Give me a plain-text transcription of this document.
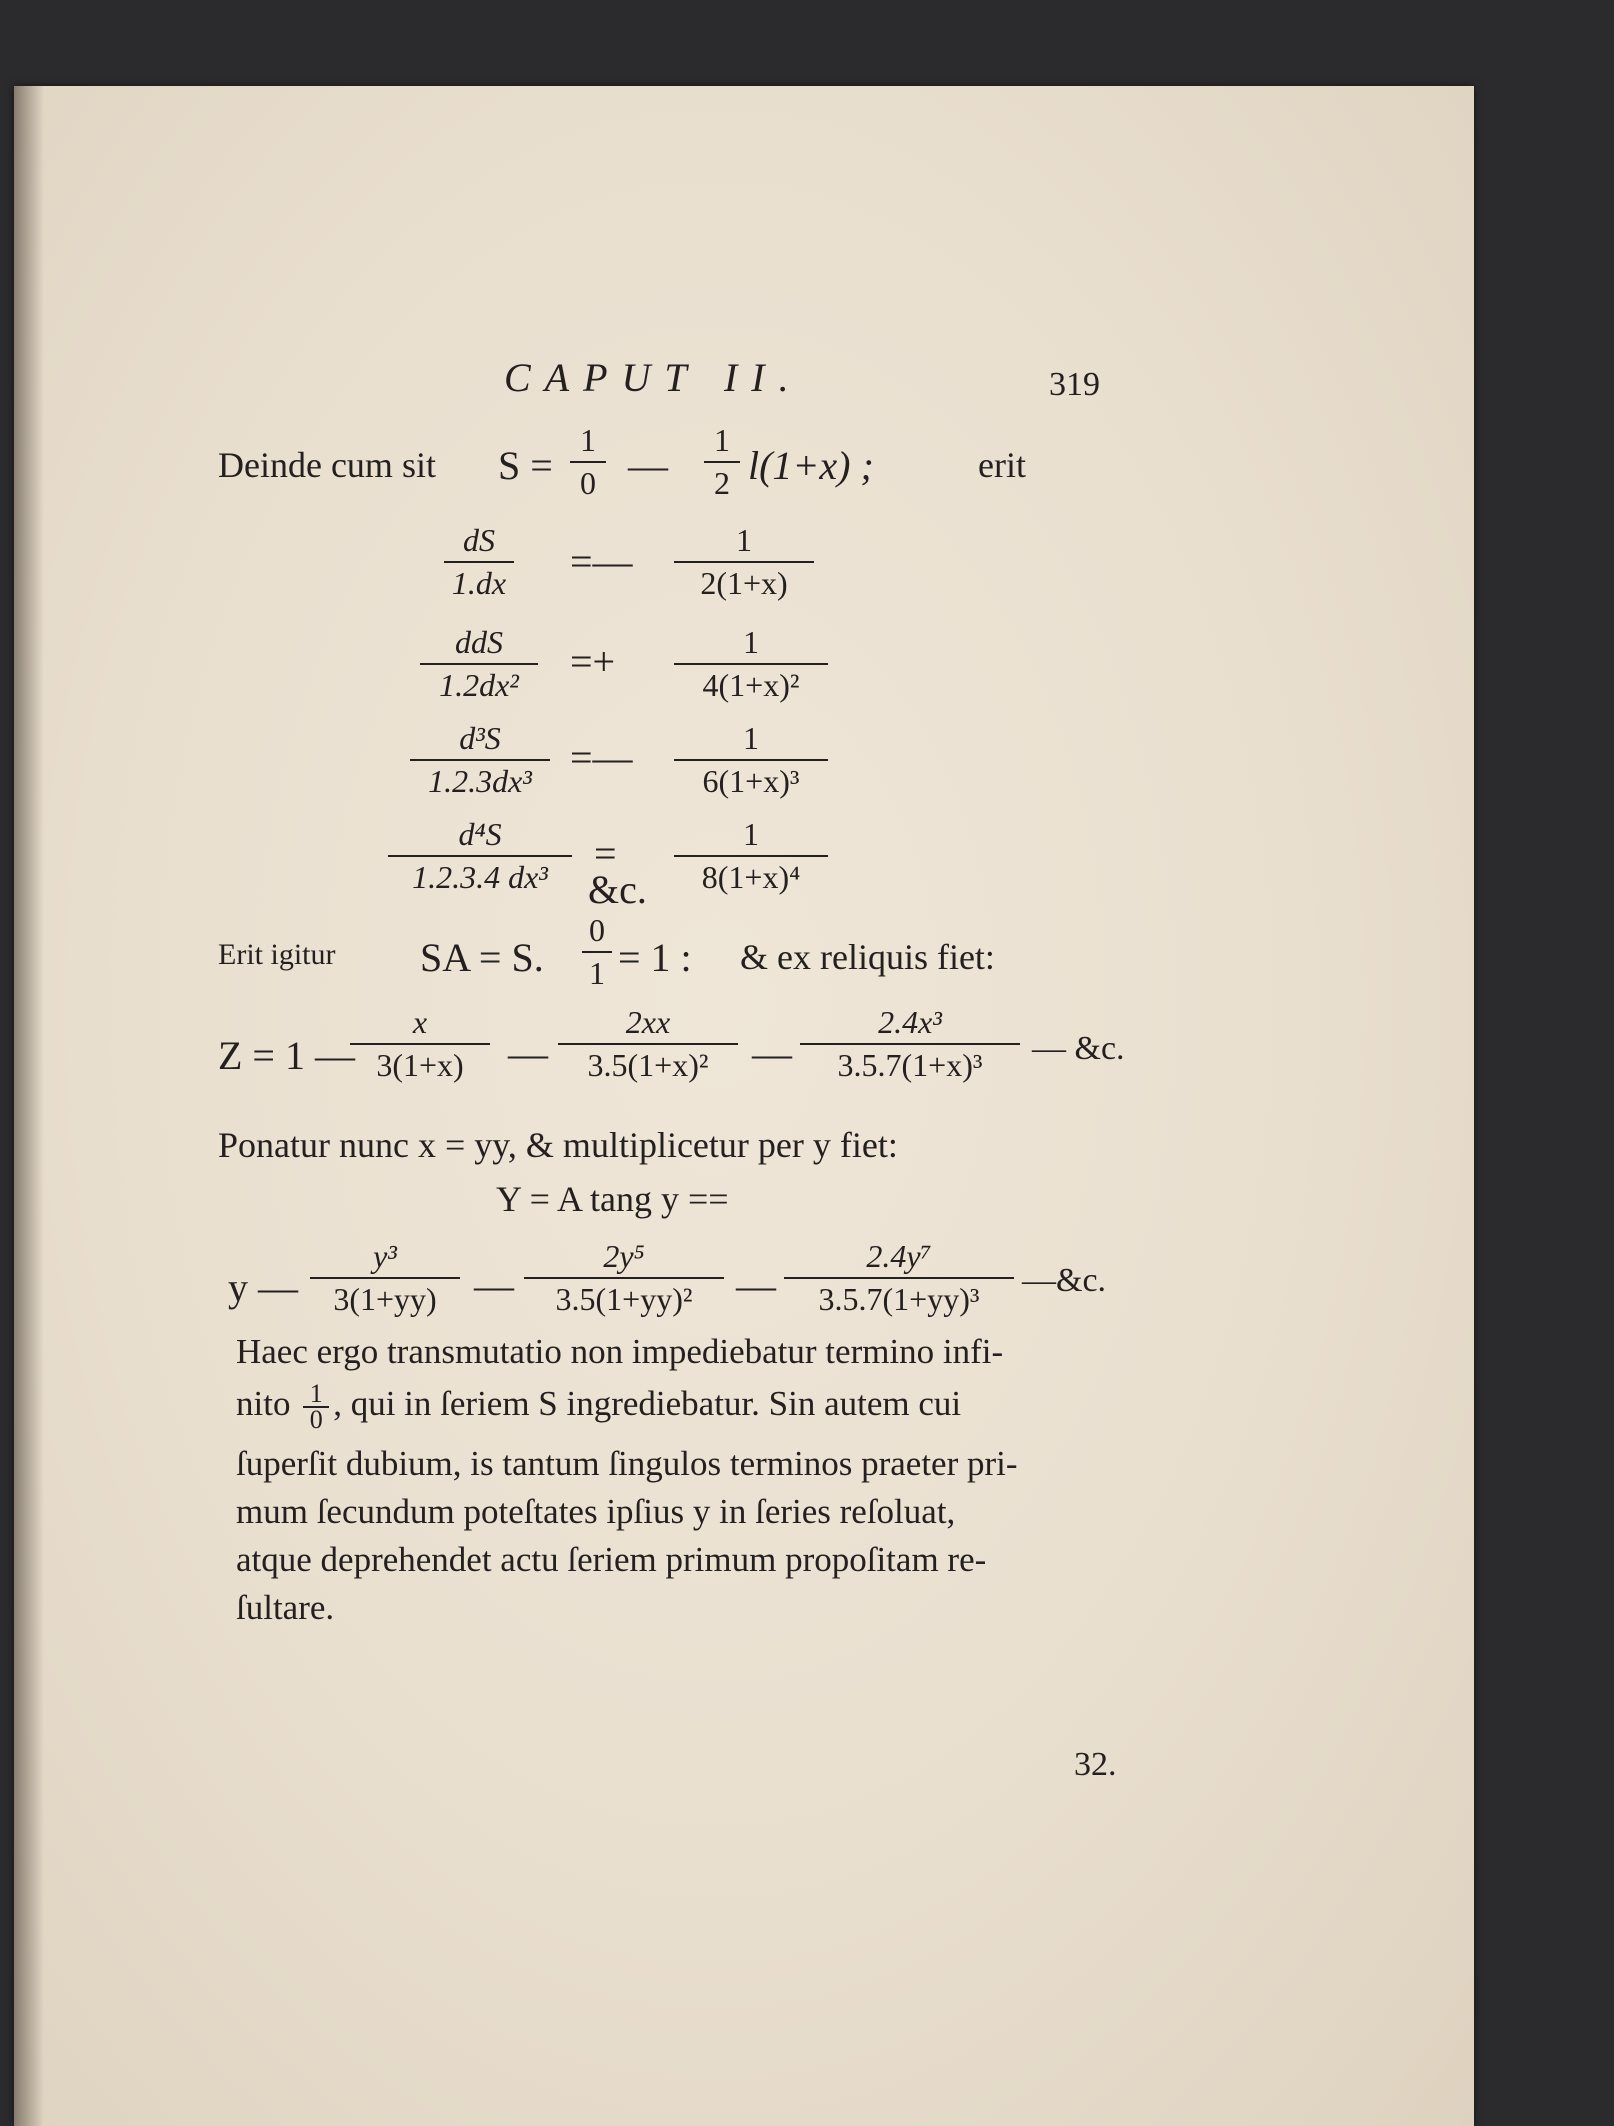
CAPUT II.	319
Deinde cum sit $S = \frac{1}{0}$ — $\frac{1}{2} l(1+x)$ ;	erit
$\frac{dS}{1.dx}$ =— $\frac{1}{2(1+x)}$
ddS
1.2dx²
=+ $\frac{1}{\text{4(1+x)²}}$
$\frac{\text{d³S}}{\text{1.2.3dx³}}$ =— $\frac{1}{\text{6(1+x)³}}$
$\frac{\text{d⁴S}}{\text{1.2.3.4 dx³}} = \frac{1}{\text{8(1+x)⁴}}$
&c.
Erit igitur SA = S. $\frac{0}{1} = 1$ : & ex reliquis fiet:
Z = 1 —
$\frac{x}{3(1+x)}$ — $\frac{2xx}{\text{3.5(1+x)²}}$ — $\frac{\text{2.4x³}}{\text{3.5.7(1+x)³}}$ — &c.
Ponatur nunc x = yy, & multiplicetur per y fiet:
Y = A tang y ==
y — $\frac{\text{y³}}{3(1+yy)}$ — $\frac{\text{2y⁵}}{\text{3.5(1+yy)²}}$ — $\frac{\text{2.4y⁷}}{\text{3.5.7(1+yy)³}}$ —&c.
Haec ergo transmutatio non impediebatur termino infi-
nito $\frac{1}{0}$ , qui in ſeriem S ingrediebatur. Sin autem cui
ſuperſit dubium, is tantum ſingulos terminos praeter pri-
mum ſecundum poteſtates ipſius y in ſeries reſoluat,
atque deprehendet actu ſeriem primum propoſitam re-
ſultare.
32.
